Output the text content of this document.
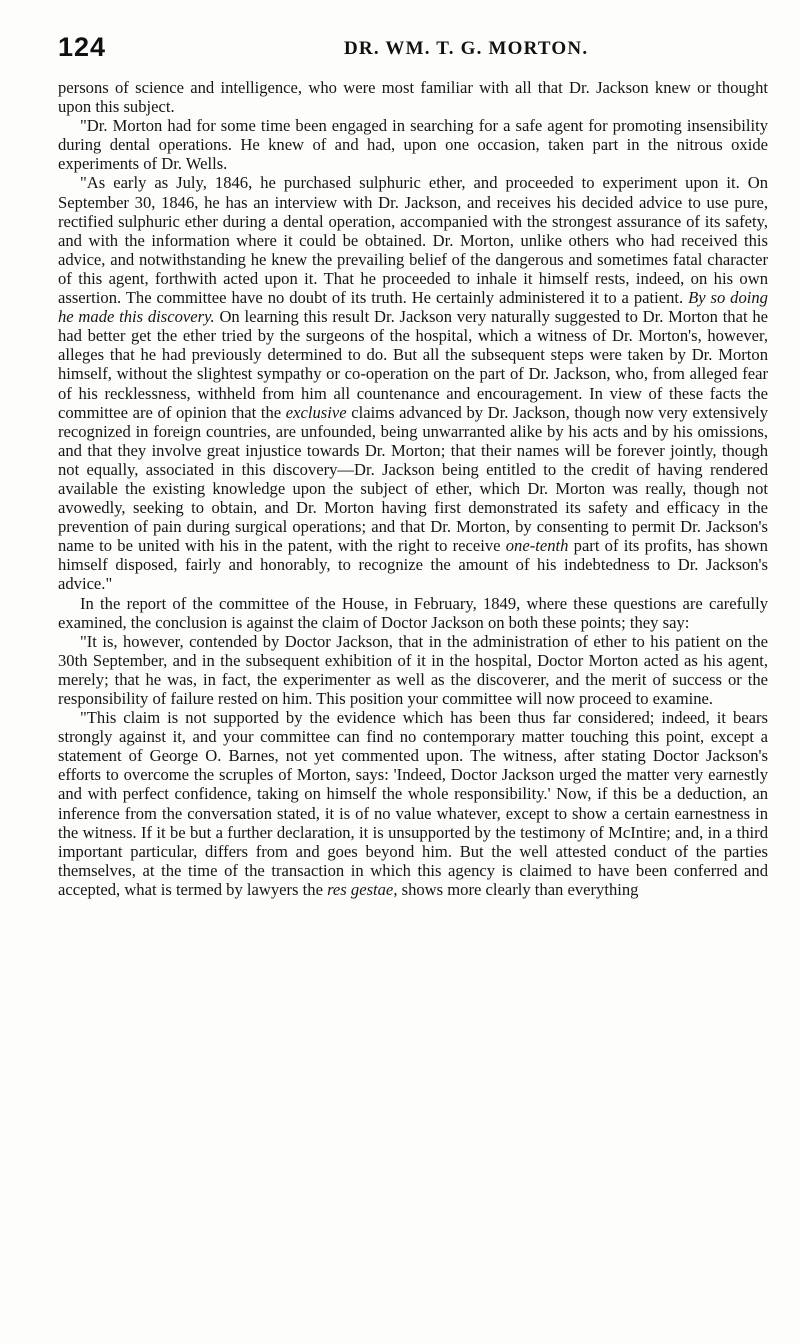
124	DR. WM. T. G. MORTON.

persons of science and intelligence, who were most familiar with all that Dr. Jackson knew or thought upon this subject.

"Dr. Morton had for some time been engaged in searching for a safe agent for promoting insensibility during dental operations. He knew of and had, upon one occasion, taken part in the nitrous oxide experiments of Dr. Wells.

"As early as July, 1846, he purchased sulphuric ether, and proceeded to experiment upon it. On September 30, 1846, he has an interview with Dr. Jackson, and receives his decided advice to use pure, rectified sulphuric ether during a dental operation, accompanied with the strongest assurance of its safety, and with the information where it could be obtained. Dr. Morton, unlike others who had received this advice, and notwithstanding he knew the prevailing belief of the dangerous and sometimes fatal character of this agent, forthwith acted upon it. That he proceeded to inhale it himself rests, indeed, on his own assertion. The committee have no doubt of its truth. He certainly administered it to a patient. By so doing he made this discovery. On learning this result Dr. Jackson very naturally suggested to Dr. Morton that he had better get the ether tried by the surgeons of the hospital, which a witness of Dr. Morton's, however, alleges that he had previously determined to do. But all the subsequent steps were taken by Dr. Morton himself, without the slightest sympathy or co-operation on the part of Dr. Jackson, who, from alleged fear of his recklessness, withheld from him all countenance and encouragement. In view of these facts the committee are of opinion that the exclusive claims advanced by Dr. Jackson, though now very extensively recognized in foreign countries, are unfounded, being unwarranted alike by his acts and by his omissions, and that they involve great injustice towards Dr. Morton; that their names will be forever jointly, though not equally, associated in this discovery—Dr. Jackson being entitled to the credit of having rendered available the existing knowledge upon the subject of ether, which Dr. Morton was really, though not avowedly, seeking to obtain, and Dr. Morton having first demonstrated its safety and efficacy in the prevention of pain during surgical operations; and that Dr. Morton, by consenting to permit Dr. Jackson's name to be united with his in the patent, with the right to receive one-tenth part of its profits, has shown himself disposed, fairly and honorably, to recognize the amount of his indebtedness to Dr. Jackson's advice."

In the report of the committee of the House, in February, 1849, where these questions are carefully examined, the conclusion is against the claim of Doctor Jackson on both these points; they say:

"It is, however, contended by Doctor Jackson, that in the administration of ether to his patient on the 30th September, and in the subsequent exhibition of it in the hospital, Doctor Morton acted as his agent, merely; that he was, in fact, the experimenter as well as the discoverer, and the merit of success or the responsibility of failure rested on him. This position your committee will now proceed to examine.

"This claim is not supported by the evidence which has been thus far considered; indeed, it bears strongly against it, and your committee can find no contemporary matter touching this point, except a statement of George O. Barnes, not yet commented upon. The witness, after stating Doctor Jackson's efforts to overcome the scruples of Morton, says: 'Indeed, Doctor Jackson urged the matter very earnestly and with perfect confidence, taking on himself the whole responsibility.' Now, if this be a deduction, an inference from the conversation stated, it is of no value whatever, except to show a certain earnestness in the witness. If it be but a further declaration, it is unsupported by the testimony of McIntire; and, in a third important particular, differs from and goes beyond him. But the well attested conduct of the parties themselves, at the time of the transaction in which this agency is claimed to have been conferred and accepted, what is termed by lawyers the res gestae, shows more clearly than everything
